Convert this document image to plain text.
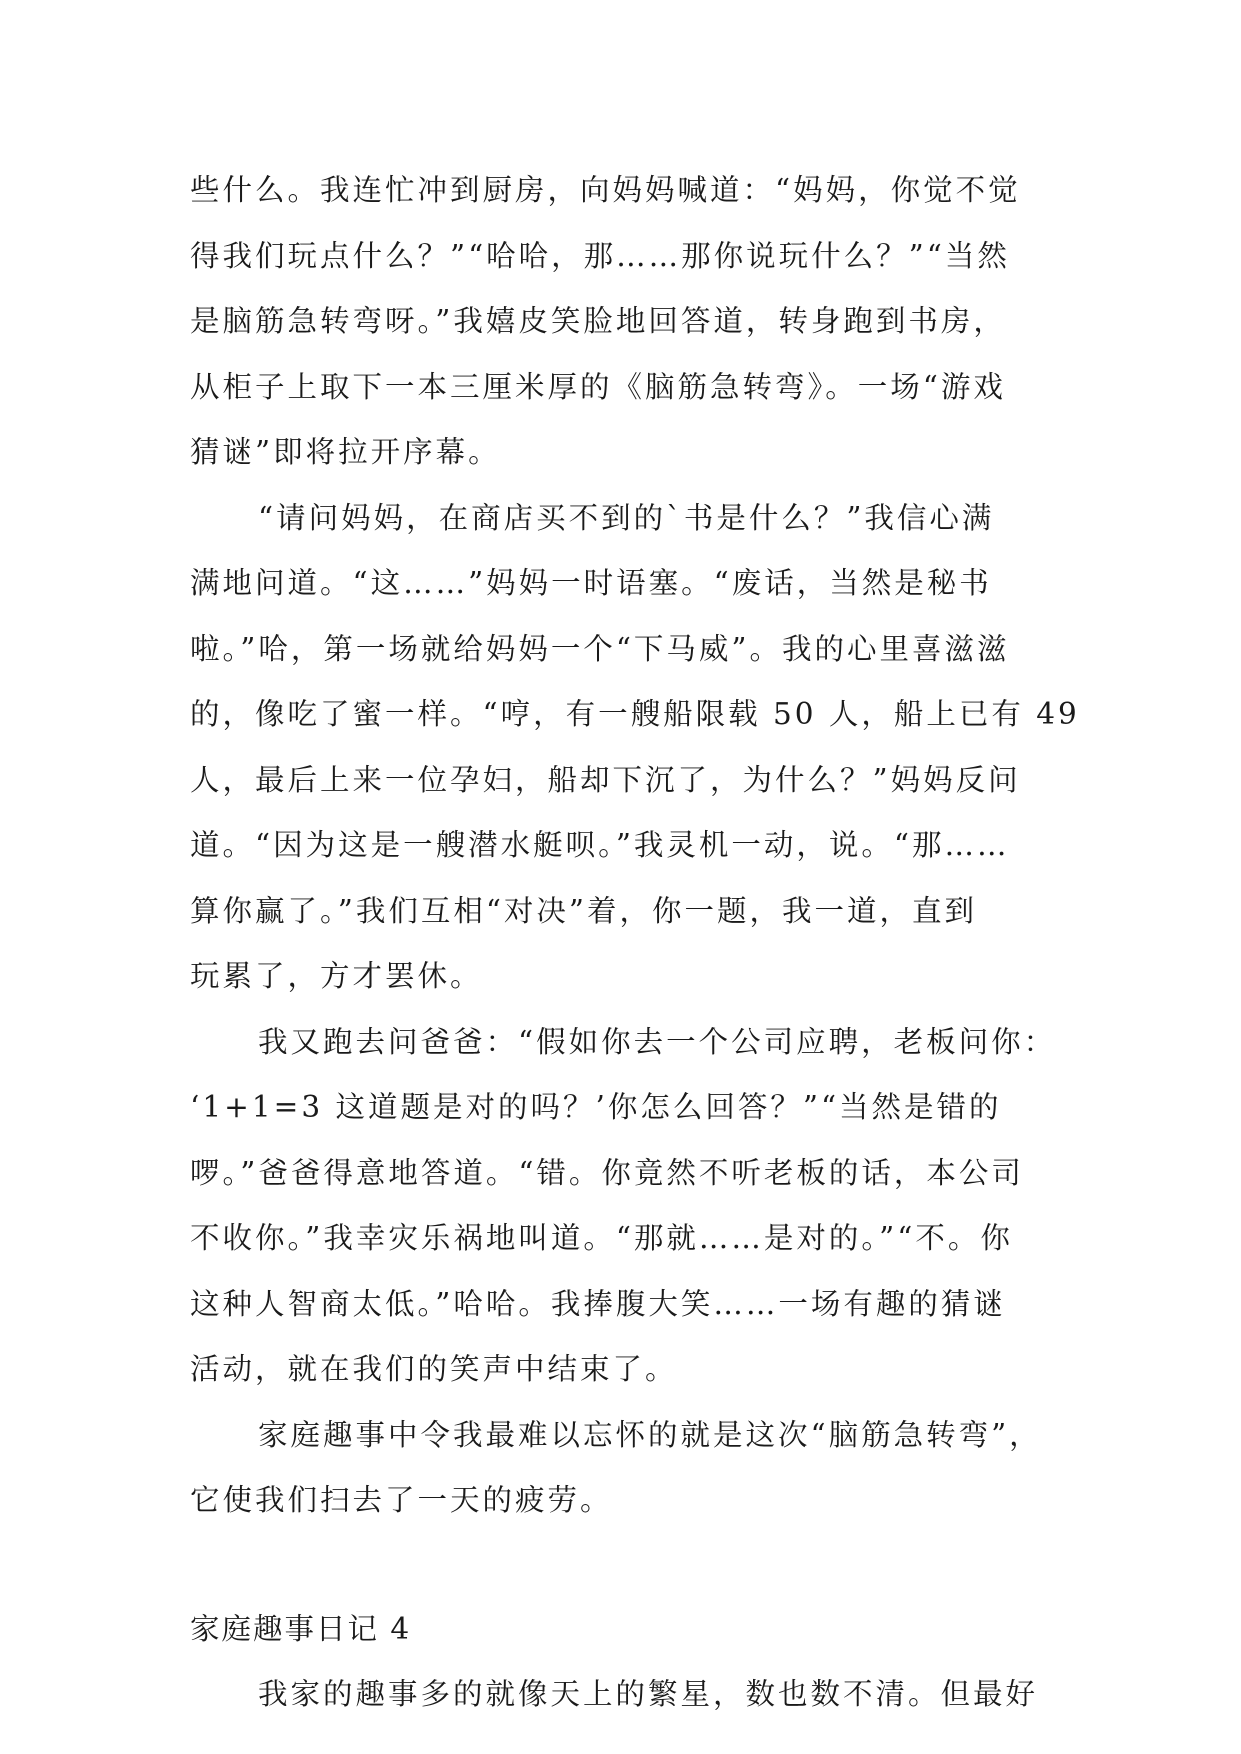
些什么。我连忙冲到厨房，向妈妈喊道：“妈妈，你觉不觉
得我们玩点什么？”“哈哈，那……那你说玩什么？”“当然
是脑筋急转弯呀。”我嬉皮笑脸地回答道，转身跑到书房，
从柜子上取下一本三厘米厚的《脑筋急转弯》。一场“游戏
猜谜”即将拉开序幕。
“请问妈妈，在商店买不到的`书是什么？”我信心满
满地问道。“这……”妈妈一时语塞。“废话，当然是秘书
啦。”哈，第一场就给妈妈一个“下马威”。我的心里喜滋滋
的，像吃了蜜一样。“哼，有一艘船限载 50 人，船上已有 49
人，最后上来一位孕妇，船却下沉了，为什么？”妈妈反问
道。“因为这是一艘潜水艇呗。”我灵机一动，说。“那……
算你赢了。”我们互相“对决”着，你一题，我一道，直到
玩累了，方才罢休。
我又跑去问爸爸：“假如你去一个公司应聘，老板问你：
‘1+1=3 这道题是对的吗？’你怎么回答？”“当然是错的
啰。”爸爸得意地答道。“错。你竟然不听老板的话，本公司
不收你。”我幸灾乐祸地叫道。“那就……是对的。”“不。你
这种人智商太低。”哈哈。我捧腹大笑……一场有趣的猜谜
活动，就在我们的笑声中结束了。
家庭趣事中令我最难以忘怀的就是这次“脑筋急转弯”，
它使我们扫去了一天的疲劳。
家庭趣事日记 4
我家的趣事多的就像天上的繁星，数也数不清。但最好
